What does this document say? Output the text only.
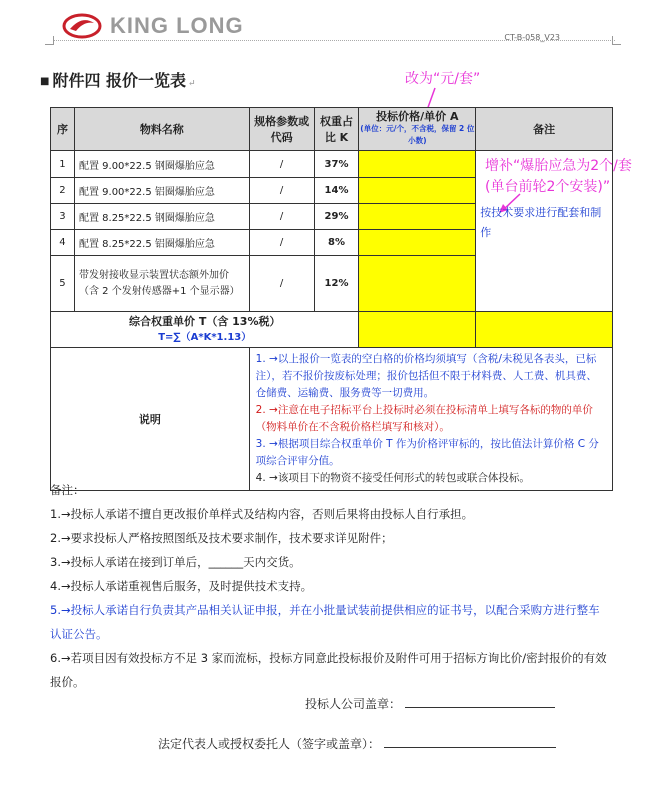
KING LONG	CT-B-058_V23
■ 附件四 报价一览表 ↵	改为“元/套”
增补“爆胎应急为2个/套(单台前轮2个安装)”
序	物料名称	规格参数或代码	权重占比 K	投标价格/单价 A
(单位：元/个，不含税，保留 2 位小数)	备注
1	配置 9.00*22.5 钢圈爆胎应急	/	37%		按技术要求进行配套和制作

2	配置 9.00*22.5 铝圈爆胎应急	/	14%		
3	配置 8.25*22.5 钢圈爆胎应急	/	29%		
4	配置 8.25*22.5 铝圈爆胎应急	/	8%		
5	带发射接收显示装置状态额外加价（含 2 个发射传感器+1 个显示器）	/	12%		

综合权重单价 T（含 13%税）
T=∑（A*K*1.13）					

说明		1. →以上报价一览表的空白格的价格均须填写（含税/未税见各表头，已标注），若不报价按废标处理；报价包括但不限于材料费、人工费、机具费、仓储费、运输费、服务费等一切费用。
2. →注意在电子招标平台上投标时必须在投标清单上填写各标的物的单价（物料单价在不含税价格栏填写和核对）。
3. →根据项目综合权重单价 T 作为价格评审标的，按比值法计算价格 C 分项综合评审分值。
4. →该项目下的物资不接受任何形式的转包或联合体投标。			
备注：
1.→投标人承诺不擅自更改报价单样式及结构内容，否则后果将由投标人自行承担。
2.→要求投标人严格按照图纸及技术要求制作，技术要求详见附件；
3.→投标人承诺在接到订单后，______天内交货。
4.→投标人承诺重视售后服务，及时提供技术支持。
5.→投标人承诺自行负责其产品相关认证申报，并在小批量试装前提供相应的证书号，以配合采购方进行整车认证公告。
6.→若项目因有效投标方不足 3 家而流标，投标方同意此投标报价及附件可用于招标方询比价/密封报价的有效报价。
投标人公司盖章：
法定代表人或授权委托人（签字或盖章）：
